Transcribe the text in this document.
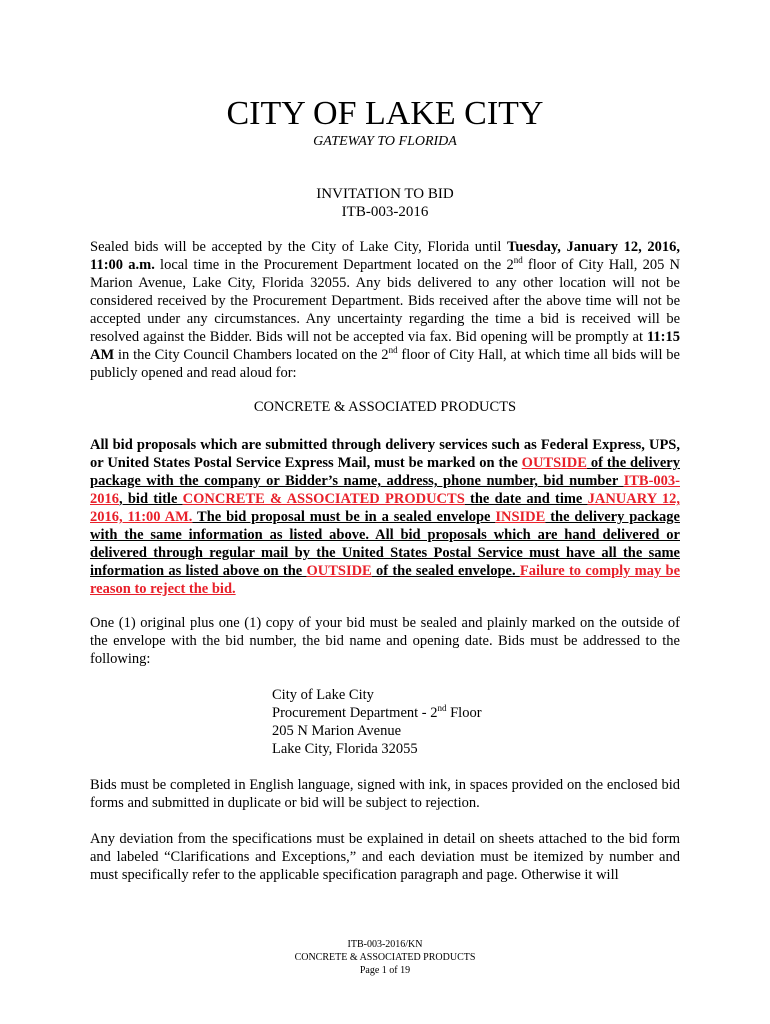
CITY OF LAKE CITY
GATEWAY TO FLORIDA
INVITATION TO BID
ITB-003-2016
Sealed bids will be accepted by the City of Lake City, Florida until Tuesday, January 12, 2016, 11:00 a.m. local time in the Procurement Department located on the 2nd floor of City Hall, 205 N Marion Avenue, Lake City, Florida 32055. Any bids delivered to any other location will not be considered received by the Procurement Department. Bids received after the above time will not be accepted under any circumstances. Any uncertainty regarding the time a bid is received will be resolved against the Bidder. Bids will not be accepted via fax. Bid opening will be promptly at 11:15 AM in the City Council Chambers located on the 2nd floor of City Hall, at which time all bids will be publicly opened and read aloud for:
CONCRETE & ASSOCIATED PRODUCTS
All bid proposals which are submitted through delivery services such as Federal Express, UPS, or United States Postal Service Express Mail, must be marked on the OUTSIDE of the delivery package with the company or Bidder’s name, address, phone number, bid number ITB-003-2016, bid title CONCRETE & ASSOCIATED PRODUCTS the date and time JANUARY 12, 2016, 11:00 AM. The bid proposal must be in a sealed envelope INSIDE the delivery package with the same information as listed above. All bid proposals which are hand delivered or delivered through regular mail by the United States Postal Service must have all the same information as listed above on the OUTSIDE of the sealed envelope. Failure to comply may be reason to reject the bid.
One (1) original plus one (1) copy of your bid must be sealed and plainly marked on the outside of the envelope with the bid number, the bid name and opening date. Bids must be addressed to the following:
City of Lake City
Procurement Department - 2nd Floor
205 N Marion Avenue
Lake City, Florida 32055
Bids must be completed in English language, signed with ink, in spaces provided on the enclosed bid forms and submitted in duplicate or bid will be subject to rejection.
Any deviation from the specifications must be explained in detail on sheets attached to the bid form and labeled “Clarifications and Exceptions,” and each deviation must be itemized by number and must specifically refer to the applicable specification paragraph and page. Otherwise it will
ITB-003-2016/KN
CONCRETE & ASSOCIATED PRODUCTS
Page 1 of 19
